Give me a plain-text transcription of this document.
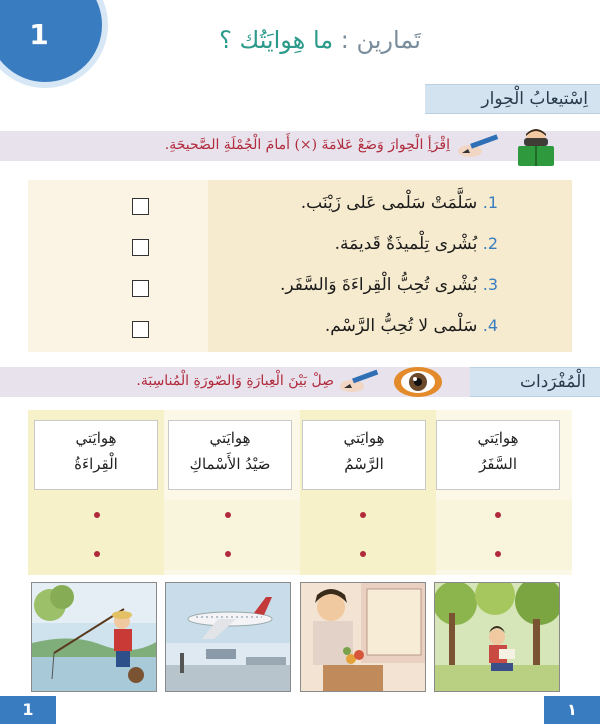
1	تَمارين : ما هِوايَتُك ؟
اِسْتيعابُ الْحِوار
اِقْرَأِ الْحِوارَ وَضَعْ عَلامَةَ (×) أَمامَ الْجُمْلَةِ الصَّحيحَةِ.
1. سَلَّمَتْ سَلْمى عَلى زَيْنَب.
2. بُشْرى تِلْميذَةٌ قَديمَة.
3. بُشْرى تُحِبُّ الْقِراءَةَ وَالسَّفَر.
4. سَلْمى لا تُحِبُّ الرَّسْم.
الْمُفْرَدات
صِلْ بَيْنَ الْعِبارَةِ وَالصّورَةِ الْمُناسِبَة.
هِوايَتي
الْقِراءَةُ
هِوايَتي
صَيْدُ الأَسْماكِ
هِوايَتي
الرَّسْمُ
هِوايَتي
السَّفَرُ
1	١
